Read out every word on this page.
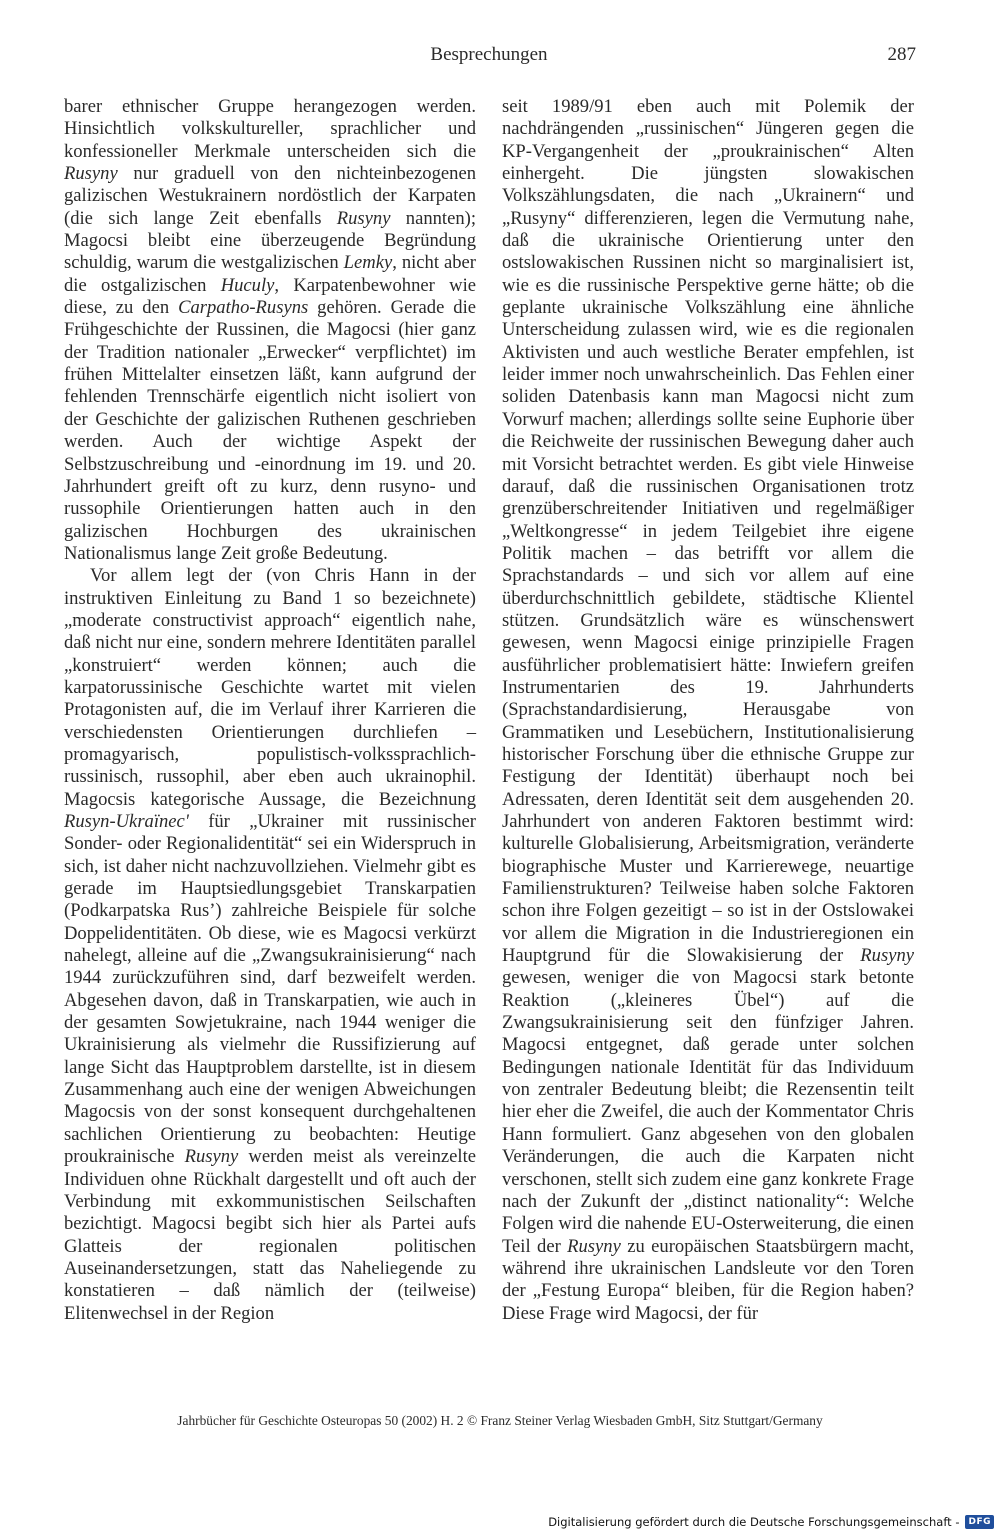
Besprechungen	287

barer ethnischer Gruppe herangezogen werden. Hinsichtlich volkskultureller, sprachlicher und konfessioneller Merkmale unterscheiden sich die Rusyny nur graduell von den nichteinbezogenen galizischen Westukrainern nordöstlich der Karpaten (die sich lange Zeit ebenfalls Rusyny nannten); Magocsi bleibt eine überzeugende Begründung schuldig, warum die westgalizischen Lemky, nicht aber die ostgalizischen Huculy, Karpatenbewohner wie diese, zu den Carpatho-Rusyns gehören. Gerade die Frühgeschichte der Russinen, die Magocsi (hier ganz der Tradition nationaler „Erwecker“ verpflichtet) im frühen Mittelalter einsetzen läßt, kann aufgrund der fehlenden Trennschärfe eigentlich nicht isoliert von der Geschichte der galizischen Ruthenen geschrieben werden. Auch der wichtige Aspekt der Selbstzuschreibung und -einordnung im 19. und 20. Jahrhundert greift oft zu kurz, denn rusyno- und russophile Orientierungen hatten auch in den galizischen Hochburgen des ukrainischen Nationalismus lange Zeit große Bedeutung.

Vor allem legt der (von Chris Hann in der instruktiven Einleitung zu Band 1 so bezeichnete) „moderate constructivist approach“ eigentlich nahe, daß nicht nur eine, sondern mehrere Identitäten parallel „konstruiert“ werden können; auch die karpatorussinische Geschichte wartet mit vielen Protagonisten auf, die im Verlauf ihrer Karrieren die verschiedensten Orientierungen durchliefen – promagyarisch, populistisch-volkssprachlich-russinisch, russophil, aber eben auch ukrainophil. Magocsis kategorische Aussage, die Bezeichnung Rusyn-Ukraïnec' für „Ukrainer mit russinischer Sonder- oder Regionalidentität“ sei ein Widerspruch in sich, ist daher nicht nachzuvollziehen. Vielmehr gibt es gerade im Hauptsiedlungsgebiet Transkarpatien (Podkarpatska Rus’) zahlreiche Beispiele für solche Doppelidentitäten. Ob diese, wie es Magocsi verkürzt nahelegt, alleine auf die „Zwangsukrainisierung“ nach 1944 zurückzuführen sind, darf bezweifelt werden. Abgesehen davon, daß in Transkarpatien, wie auch in der gesamten Sowjetukraine, nach 1944 weniger die Ukrainisierung als vielmehr die Russifizierung auf lange Sicht das Hauptproblem darstellte, ist in diesem Zusammenhang auch eine der wenigen Abweichungen Magocsis von der sonst konsequent durchgehaltenen sachlichen Orientierung zu beobachten: Heutige proukrainische Rusyny werden meist als vereinzelte Individuen ohne Rückhalt dargestellt und oft auch der Verbindung mit exkommunistischen Seilschaften bezichtigt. Magocsi begibt sich hier als Partei aufs Glatteis der regionalen politischen Auseinandersetzungen, statt das Naheliegende zu konstatieren – daß nämlich der (teilweise) Elitenwechsel in der Region

seit 1989/91 eben auch mit Polemik der nachdrängenden „russinischen“ Jüngeren gegen die KP-Vergangenheit der „proukrainischen“ Alten einhergeht. Die jüngsten slowakischen Volkszählungsdaten, die nach „Ukrainern“ und „Rusyny“ differenzieren, legen die Vermutung nahe, daß die ukrainische Orientierung unter den ostslowakischen Russinen nicht so marginalisiert ist, wie es die russinische Perspektive gerne hätte; ob die geplante ukrainische Volkszählung eine ähnliche Unterscheidung zulassen wird, wie es die regionalen Aktivisten und auch westliche Berater empfehlen, ist leider immer noch unwahrscheinlich. Das Fehlen einer soliden Datenbasis kann man Magocsi nicht zum Vorwurf machen; allerdings sollte seine Euphorie über die Reichweite der russinischen Bewegung daher auch mit Vorsicht betrachtet werden. Es gibt viele Hinweise darauf, daß die russinischen Organisationen trotz grenzüberschreitender Initiativen und regelmäßiger „Weltkongresse“ in jedem Teilgebiet ihre eigene Politik machen – das betrifft vor allem die Sprachstandards – und sich vor allem auf eine überdurchschnittlich gebildete, städtische Klientel stützen. Grundsätzlich wäre es wünschenswert gewesen, wenn Magocsi einige prinzipielle Fragen ausführlicher problematisiert hätte: Inwiefern greifen Instrumentarien des 19. Jahrhunderts (Sprachstandardisierung, Herausgabe von Grammatiken und Lesebüchern, Institutionalisierung historischer Forschung über die ethnische Gruppe zur Festigung der Identität) überhaupt noch bei Adressaten, deren Identität seit dem ausgehenden 20. Jahrhundert von anderen Faktoren bestimmt wird: kulturelle Globalisierung, Arbeitsmigration, veränderte biographische Muster und Karrierewege, neuartige Familienstrukturen? Teilweise haben solche Faktoren schon ihre Folgen gezeitigt – so ist in der Ostslowakei vor allem die Migration in die Industrieregionen ein Hauptgrund für die Slowakisierung der Rusyny gewesen, weniger die von Magocsi stark betonte Reaktion („kleineres Übel“) auf die Zwangsukrainisierung seit den fünfziger Jahren. Magocsi entgegnet, daß gerade unter solchen Bedingungen nationale Identität für das Individuum von zentraler Bedeutung bleibt; die Rezensentin teilt hier eher die Zweifel, die auch der Kommentator Chris Hann formuliert. Ganz abgesehen von den globalen Veränderungen, die auch die Karpaten nicht verschonen, stellt sich zudem eine ganz konkrete Frage nach der Zukunft der „distinct nationality“: Welche Folgen wird die nahende EU-Osterweiterung, die einen Teil der Rusyny zu europäischen Staatsbürgern macht, während ihre ukrainischen Landsleute vor den Toren der „Festung Europa“ bleiben, für die Region haben? Diese Frage wird Magocsi, der für

Jahrbücher für Geschichte Osteuropas 50 (2002) H. 2 © Franz Steiner Verlag Wiesbaden GmbH, Sitz Stuttgart/Germany
Digitalisierung gefördert durch die Deutsche Forschungsgemeinschaft -	DFG
